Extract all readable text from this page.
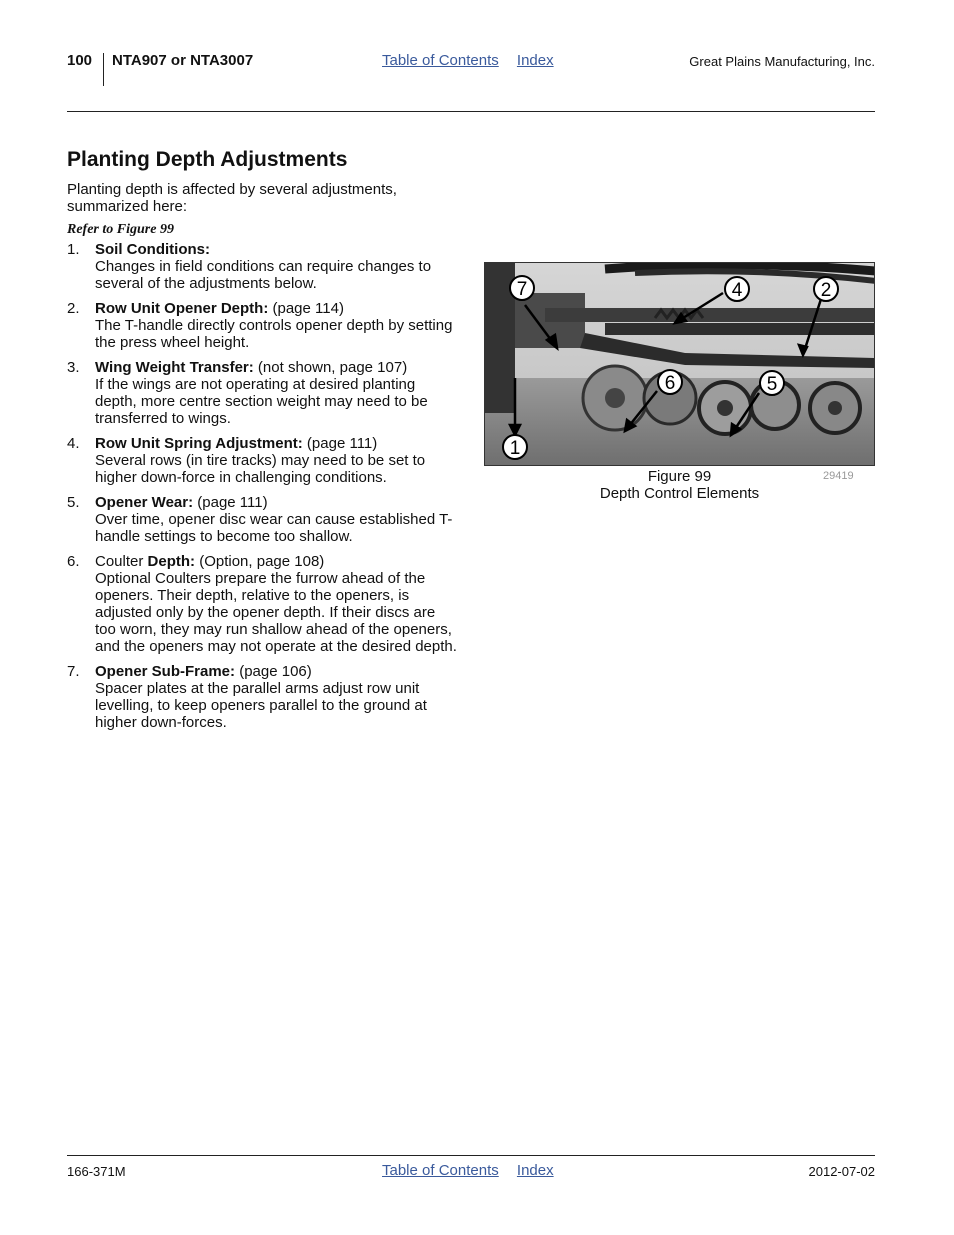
100 NTA907 or NTA3007	Table of Contents Index	Great Plains Manufacturing, Inc.
Planting Depth Adjustments

Planting depth is affected by several adjustments, summarized here:

Refer to Figure 99
1. Soil Conditions:
Changes in field conditions can require changes to several of the adjustments below.
2. Row Unit Opener Depth: (page 114)
The T-handle directly controls opener depth by setting the press wheel height.
3. Wing Weight Transfer: (not shown, page 107)
If the wings are not operating at desired planting depth, more centre section weight may need to be transferred to wings.
4. Row Unit Spring Adjustment: (page 111)
Several rows (in tire tracks) may need to be set to higher down-force in challenging conditions.
5. Opener Wear: (page 111)
Over time, opener disc wear can cause established T-handle settings to become too shallow.
6. Coulter Depth: (Option, page 108)
Optional Coulters prepare the furrow ahead of the openers. Their depth, relative to the openers, is adjusted only by the opener depth. If their discs are too worn, they may run shallow ahead of the openers, and the openers may not operate at the desired depth.
7. Opener Sub-Frame: (page 106)
Spacer plates at the parallel arms adjust row unit levelling, to keep openers parallel to the ground at higher down-forces.
7	4	2
6	5
1
Figure 99
Depth Control Elements
29419
166-371M	Table of Contents Index	2012-07-02
